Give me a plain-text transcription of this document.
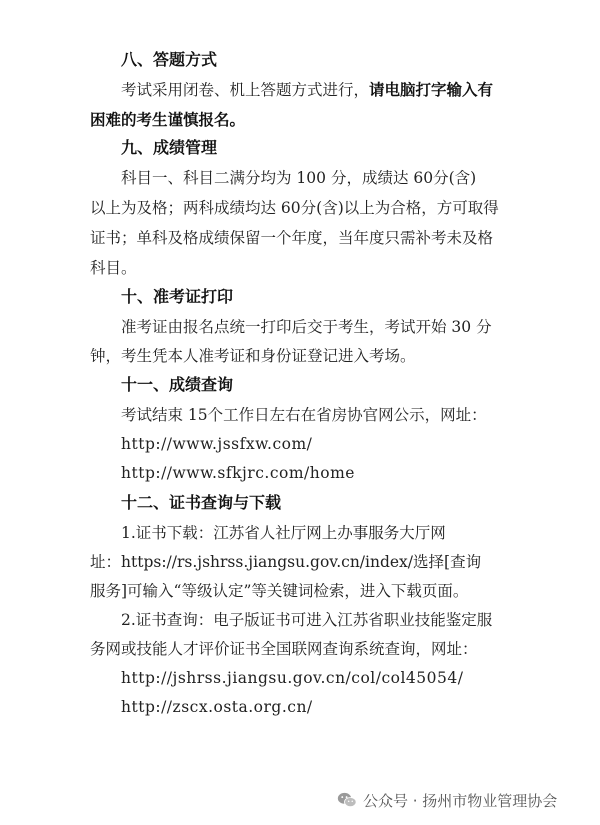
八、答题方式
考试采用闭卷、机上答题方式进行，请电脑打字输入有
困难的考生谨慎报名。
九、成绩管理
科目一、科目二满分均为 100 分，成绩达 60分(含)
以上为及格；两科成绩均达 60分(含)以上为合格，方可取得
证书；单科及格成绩保留一个年度，当年度只需补考未及格
科目。
十、准考证打印
准考证由报名点统一打印后交于考生，考试开始 30 分
钟，考生凭本人准考证和身份证登记进入考场。
十一、成绩查询
考试结束 15个工作日左右在省房协官网公示，网址：
http://www.jssfxw.com/
http://www.sfkjrc.com/home
十二、证书查询与下载
1.证书下载：江苏省人社厅网上办事服务大厅网
址：https://rs.jshrss.jiangsu.gov.cn/index/选择[查询
服务]可输入“等级认定”等关键词检索，进入下载页面。
2.证书查询：电子版证书可进入江苏省职业技能鉴定服
务网或技能人才评价证书全国联网查询系统查询，网址：
http://jshrss.jiangsu.gov.cn/col/col45054/
http://zscx.osta.org.cn/
公众号 · 扬州市物业管理协会
